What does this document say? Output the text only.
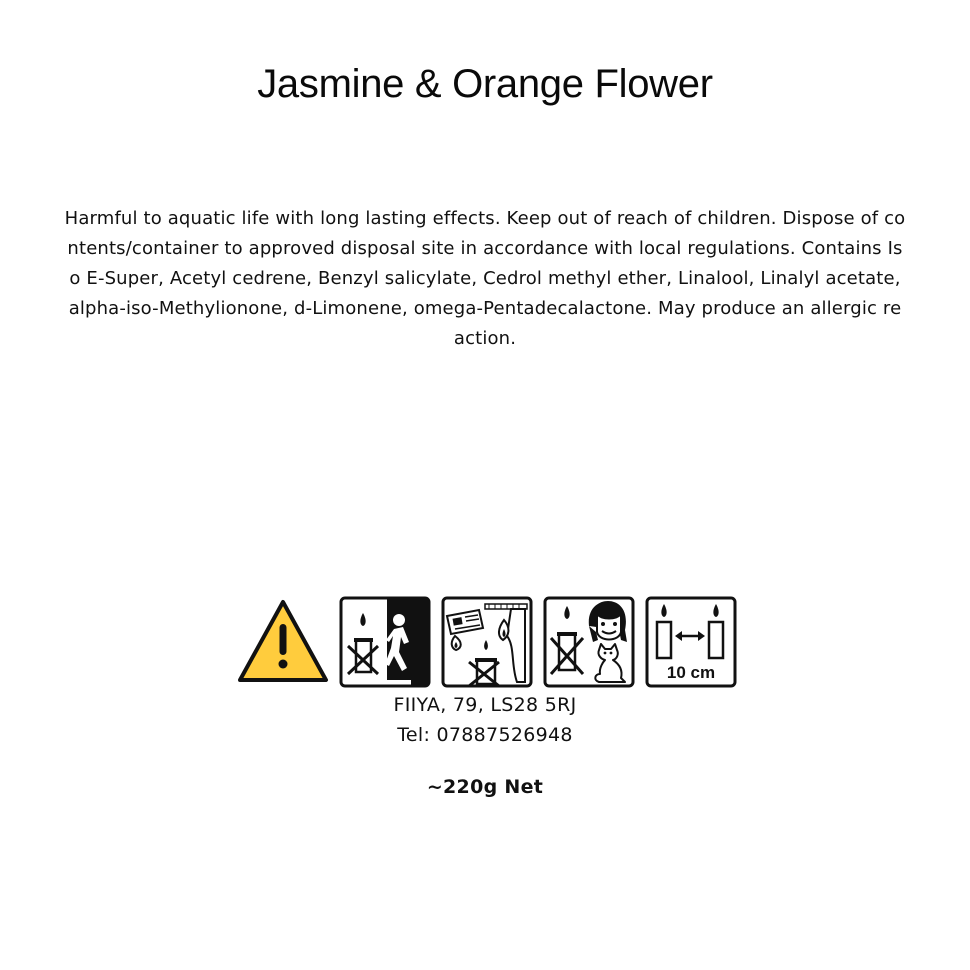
Jasmine & Orange Flower
Harmful to aquatic life with long lasting effects. Keep out of reach of children. Dispose of contents/container to approved disposal site in accordance with local regulations. Contains Iso E-Super, Acetyl cedrene, Benzyl salicylate, Cedrol methyl ether, Linalool, Linalyl acetate, alpha-iso-Methylionone, d-Limonene, omega-Pentadecalactone. May produce an allergic reaction.
10 cm
FIIYA, 79, LS28 5RJ
Tel: 07887526948
~220g Net
